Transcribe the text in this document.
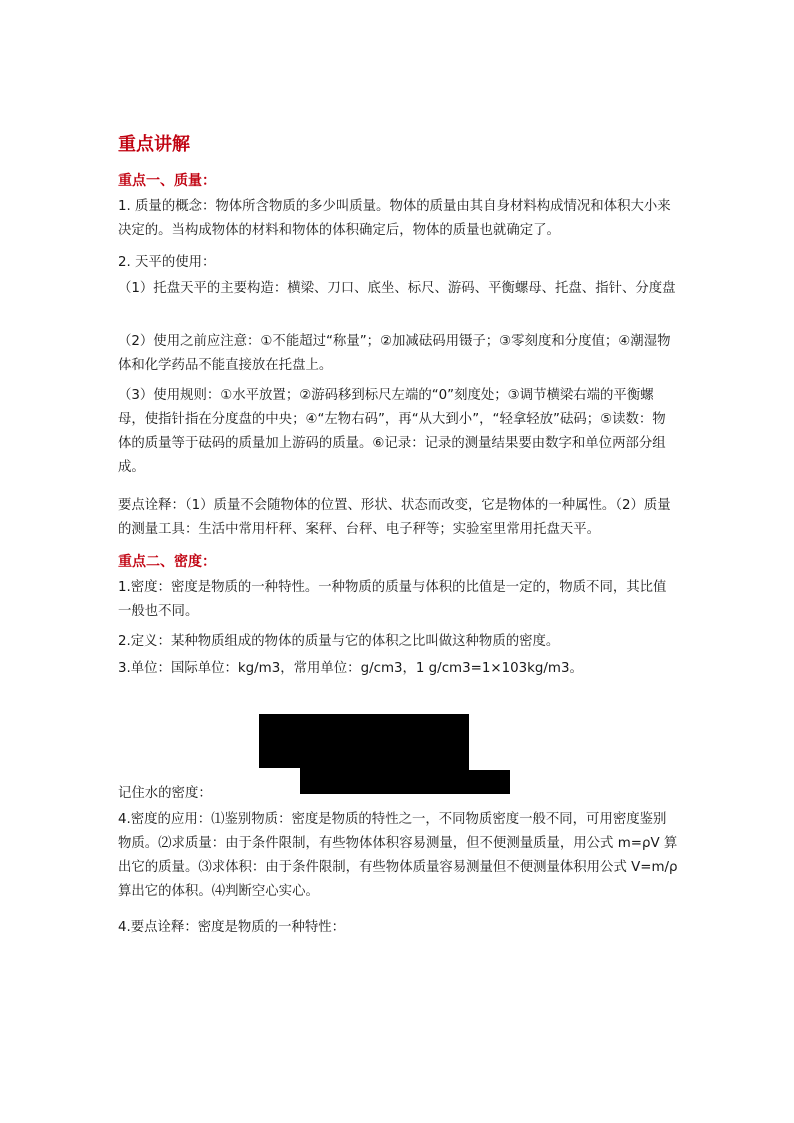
重点讲解
重点一、质量：
1. 质量的概念：物体所含物质的多少叫质量。物体的质量由其自身材料构成情况和体积大小来决定的。当构成物体的材料和物体的体积确定后，物体的质量也就确定了。
2. 天平的使用：
（1）托盘天平的主要构造：横梁、刀口、底坐、标尺、游码、平衡螺母、托盘、指针、分度盘
（2）使用之前应注意：①不能超过“称量”；②加减砝码用镊子；③零刻度和分度值；④潮湿物体和化学药品不能直接放在托盘上。
（3）使用规则：①水平放置；②游码移到标尺左端的“0”刻度处；③调节横梁右端的平衡螺母，使指针指在分度盘的中央；④“左物右码”，再“从大到小”，“轻拿轻放”砝码；⑤读数：物体的质量等于砝码的质量加上游码的质量。⑥记录：记录的测量结果要由数字和单位两部分组成。
要点诠释：（1）质量不会随物体的位置、形状、状态而改变，它是物体的一种属性。（2）质量的测量工具：生活中常用杆秤、案秤、台秤、电子秤等；实验室里常用托盘天平。
重点二、密度：
1.密度：密度是物质的一种特性。一种物质的质量与体积的比值是一定的，物质不同，其比值一般也不同。
2.定义：某种物质组成的物体的质量与它的体积之比叫做这种物质的密度。
3.单位：国际单位：kg/m3，常用单位：g/cm3，1 g/cm3=1×103kg/m3。
记住水的密度：
4.密度的应用：⑴鉴别物质：密度是物质的特性之一，不同物质密度一般不同，可用密度鉴别物质。⑵求质量：由于条件限制，有些物体体积容易测量，但不便测量质量，用公式 m=ρV 算出它的质量。⑶求体积：由于条件限制，有些物体质量容易测量但不便测量体积用公式 V=m/ρ 算出它的体积。⑷判断空心实心。
4.要点诠释：密度是物质的一种特性：
